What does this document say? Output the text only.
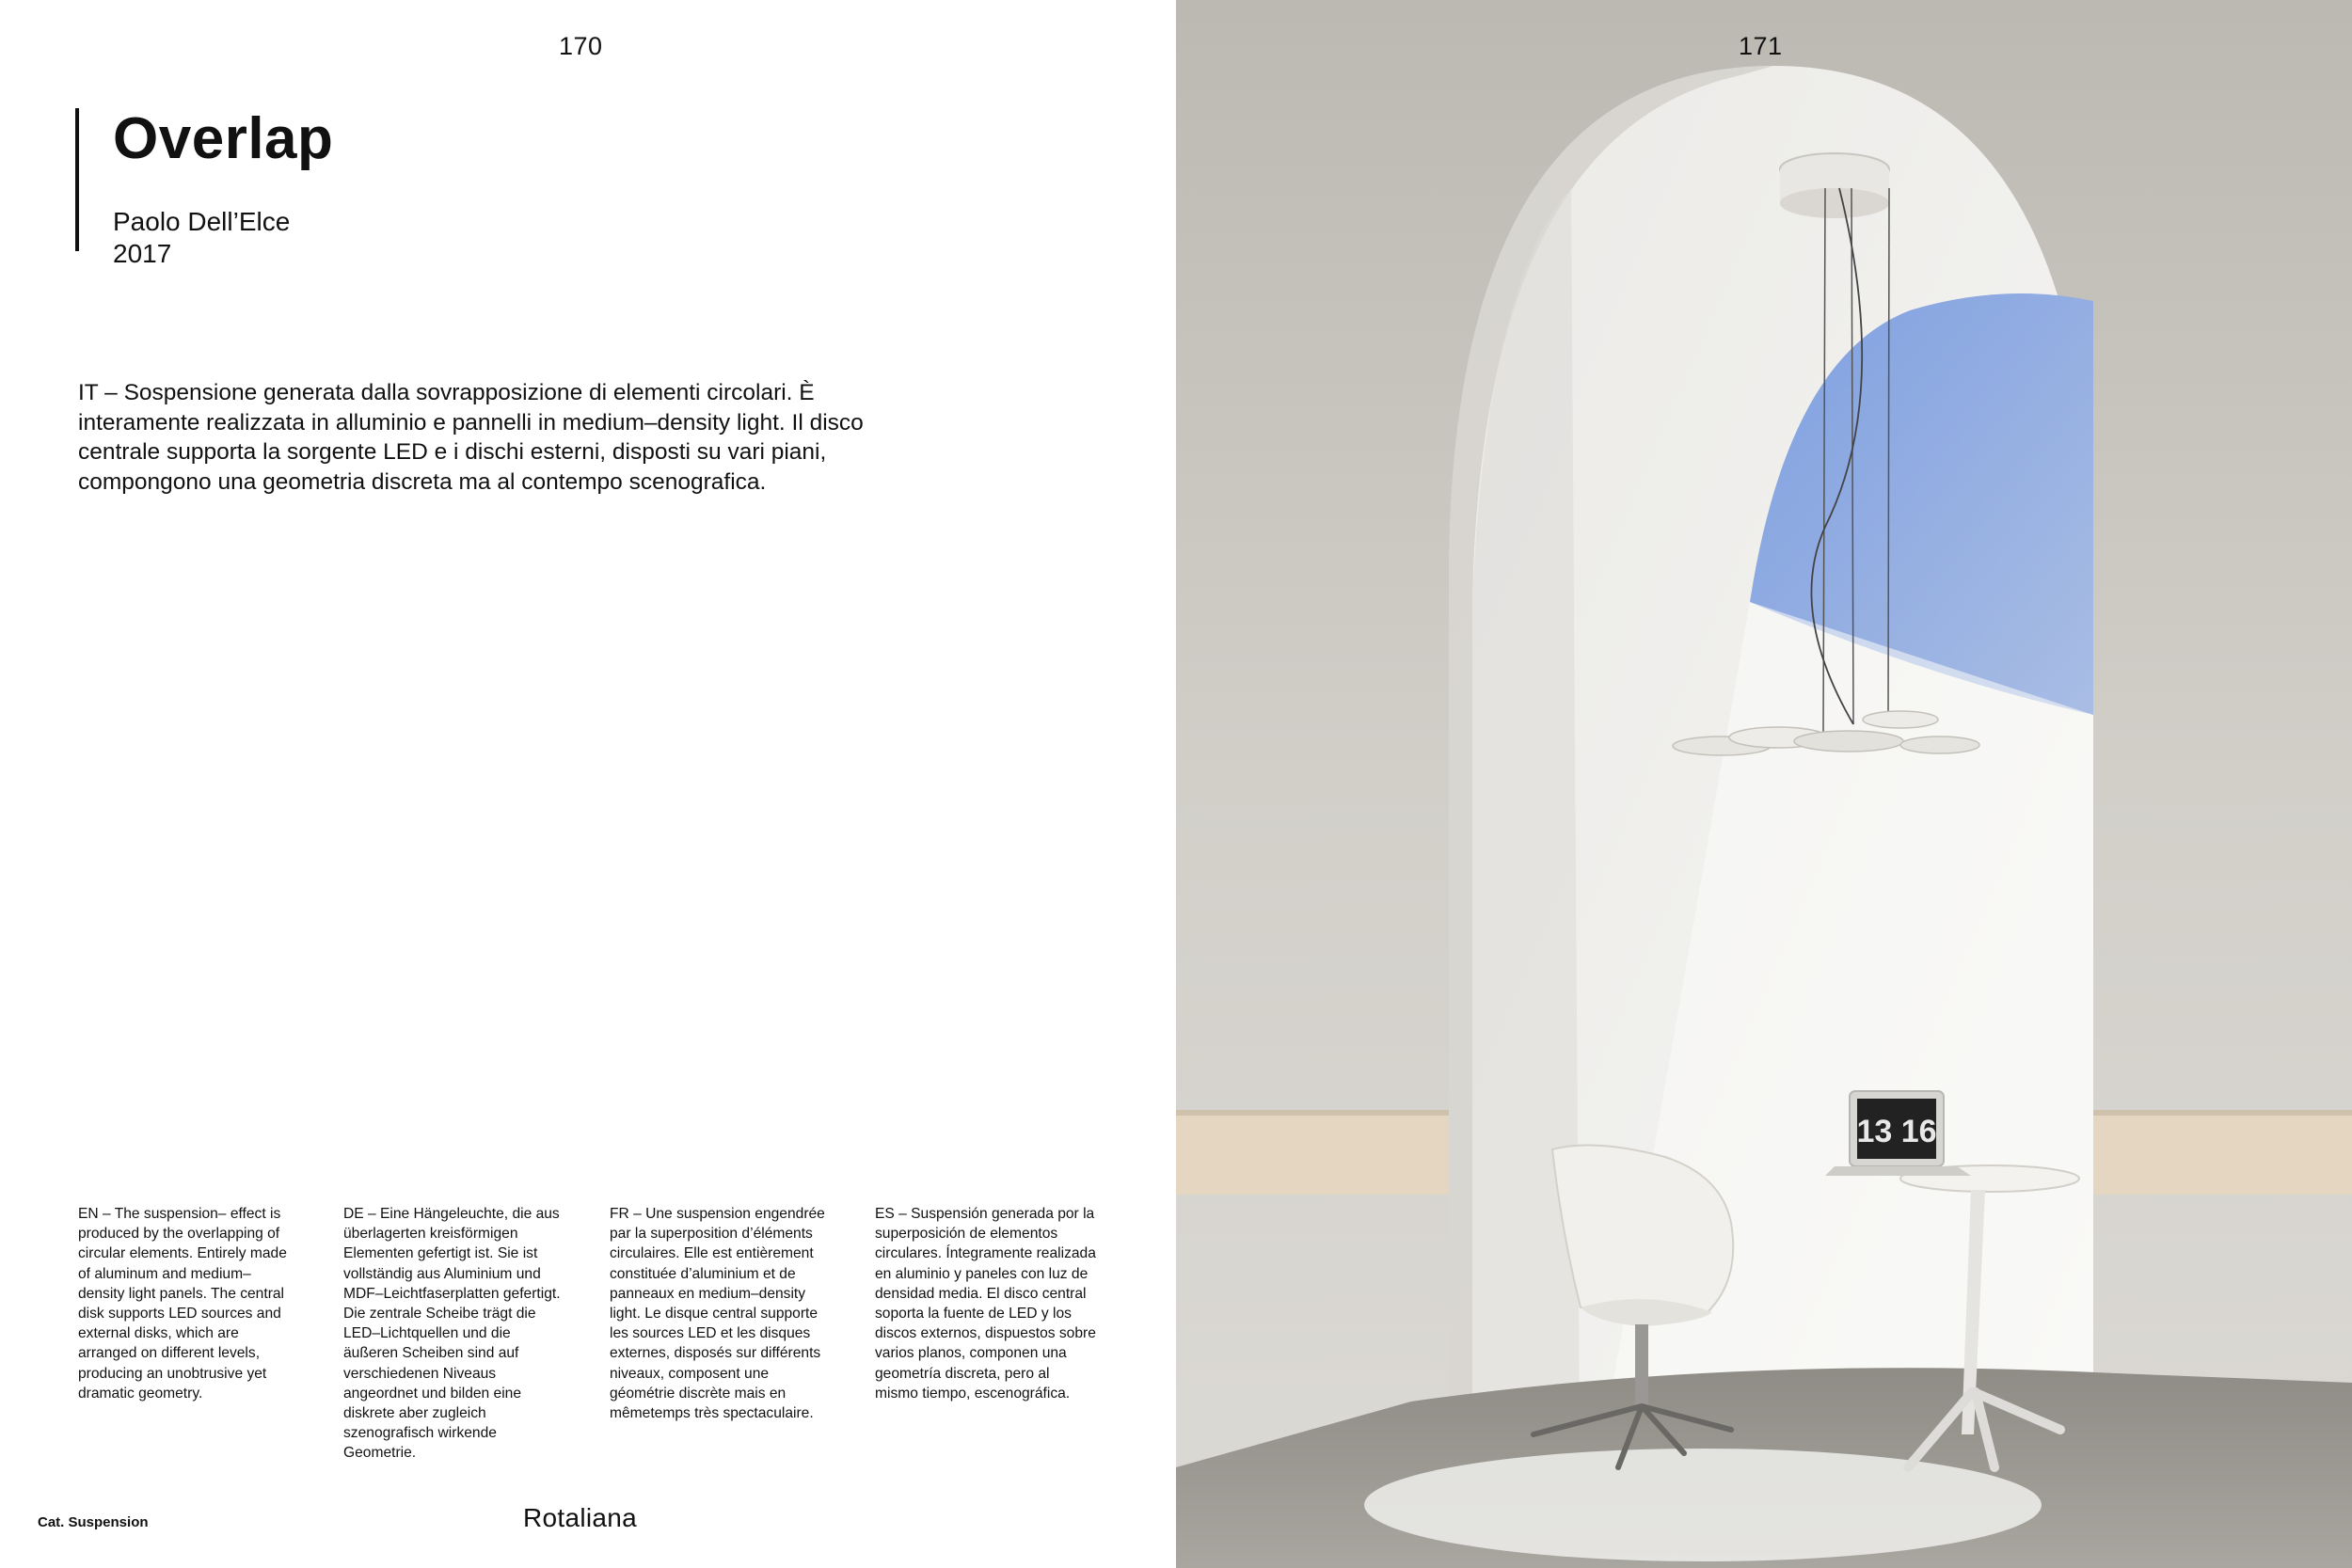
170
Overlap
Paolo Dell’Elce
2017

IT – Sospensione generata dalla sovrapposizione di elementi circolari. È interamente realizzata in alluminio e pannelli in medium–density light. Il disco centrale supporta la sorgente LED e i dischi esterni, disposti su vari piani, compongono una geometria discreta ma al contempo scenografica.

EN – The suspension– effect is produced by the overlapping of circular elements. Entirely made of aluminum and medium– density light panels. The central disk supports LED sources and external disks, which are arranged on different levels, producing an unobtrusive yet dramatic geometry.

DE – Eine Hängeleuchte, die aus überlagerten kreisförmigen Elementen gefertigt ist. Sie ist vollständig aus Aluminium und MDF–Leichtfaserplatten gefertigt. Die zentrale Scheibe trägt die LED–Lichtquellen und die äußeren Scheiben sind auf verschiedenen Niveaus angeordnet und bilden eine diskrete aber zugleich szenografisch wirkende Geometrie.

FR – Une suspension engendrée par la superposition d’éléments circulaires. Elle est entièrement constituée d’aluminium et de panneaux en medium–density light. Le disque central supporte les sources LED et les disques externes, disposés sur différents niveaux, composent une géométrie discrète mais en mêmetemps très spectaculaire.

ES – Suspensión generada por la superposición de elementos circulares. Íntegramente realizada en aluminio y paneles con luz de densidad media. El disco central soporta la fuente de LED y los discos externos, dispuestos sobre varios planos, componen una geometría discreta, pero al mismo tiempo, escenográfica.

Cat. Suspension	Rotaliana
13 16
171
